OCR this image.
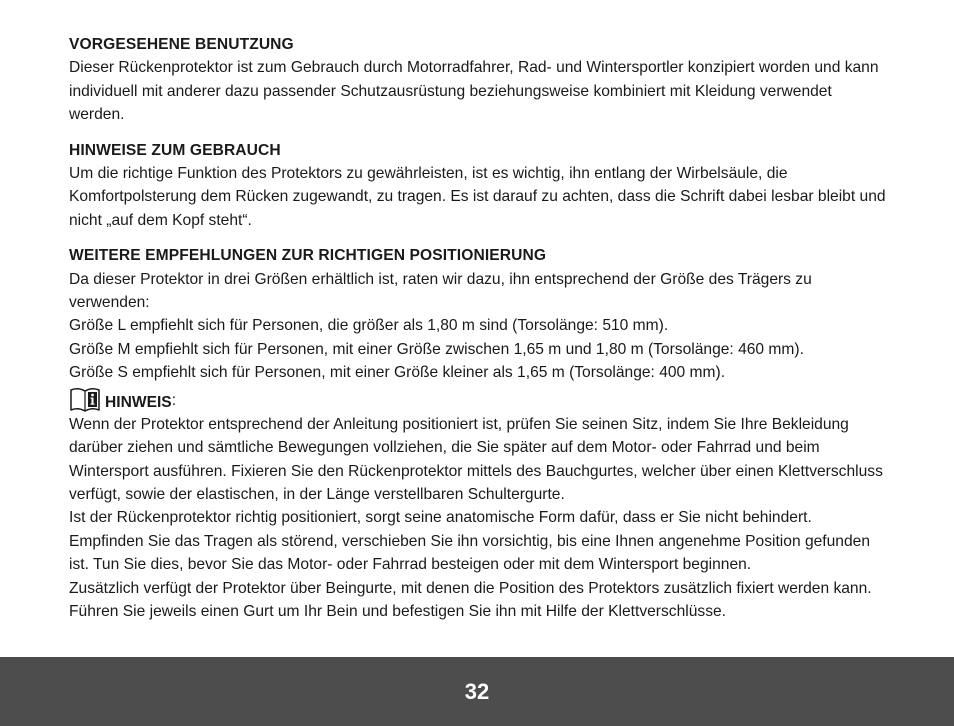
VORGESEHENE BENUTZUNG

Dieser Rückenprotektor ist zum Gebrauch durch Motorradfahrer, Rad- und Wintersportler konzipiert worden und kann individuell mit anderer dazu passender Schutzausrüstung beziehungsweise kombiniert mit Kleidung verwendet werden.

HINWEISE ZUM GEBRAUCH

Um die richtige Funktion des Protektors zu gewährleisten, ist es wichtig, ihn entlang der Wirbelsäule, die Komfortpolsterung dem Rücken zugewandt, zu tragen. Es ist darauf zu achten, dass die Schrift dabei lesbar bleibt und nicht „auf dem Kopf steht“.

WEITERE EMPFEHLUNGEN ZUR RICHTIGEN POSITIONIERUNG

Da dieser Protektor in drei Größen erhältlich ist, raten wir dazu, ihn entsprechend der Größe des Trägers zu verwenden:

Größe L empfiehlt sich für Personen, die größer als 1,80 m sind (Torsolänge: 510 mm).

Größe M empfiehlt sich für Personen, mit einer Größe zwischen 1,65 m und 1,80 m (Torsolänge: 460 mm).

Größe S empfiehlt sich für Personen, mit einer Größe kleiner als 1,65 m (Torsolänge: 400 mm).

HINWEIS :

Wenn der Protektor entsprechend der Anleitung positioniert ist, prüfen Sie seinen Sitz, indem Sie Ihre Bekleidung darüber ziehen und sämtliche Bewegungen vollziehen, die Sie später auf dem Motor- oder Fahrrad und beim Wintersport ausführen. Fixieren Sie den Rückenprotektor mittels des Bauchgurtes, welcher über einen Klettverschluss verfügt, sowie der elastischen, in der Länge verstellbaren Schultergurte.

Ist der Rückenprotektor richtig positioniert, sorgt seine anatomische Form dafür, dass er Sie nicht behindert. Empfinden Sie das Tragen als störend, verschieben Sie ihn vorsichtig, bis eine Ihnen angenehme Position gefunden ist. Tun Sie dies, bevor Sie das Motor- oder Fahrrad besteigen oder mit dem Wintersport beginnen.

Zusätzlich verfügt der Protektor über Beingurte, mit denen die Position des Protektors zusätzlich fixiert werden kann. Führen Sie jeweils einen Gurt um Ihr Bein und befestigen Sie ihn mit Hilfe der Klettverschlüsse.

32
